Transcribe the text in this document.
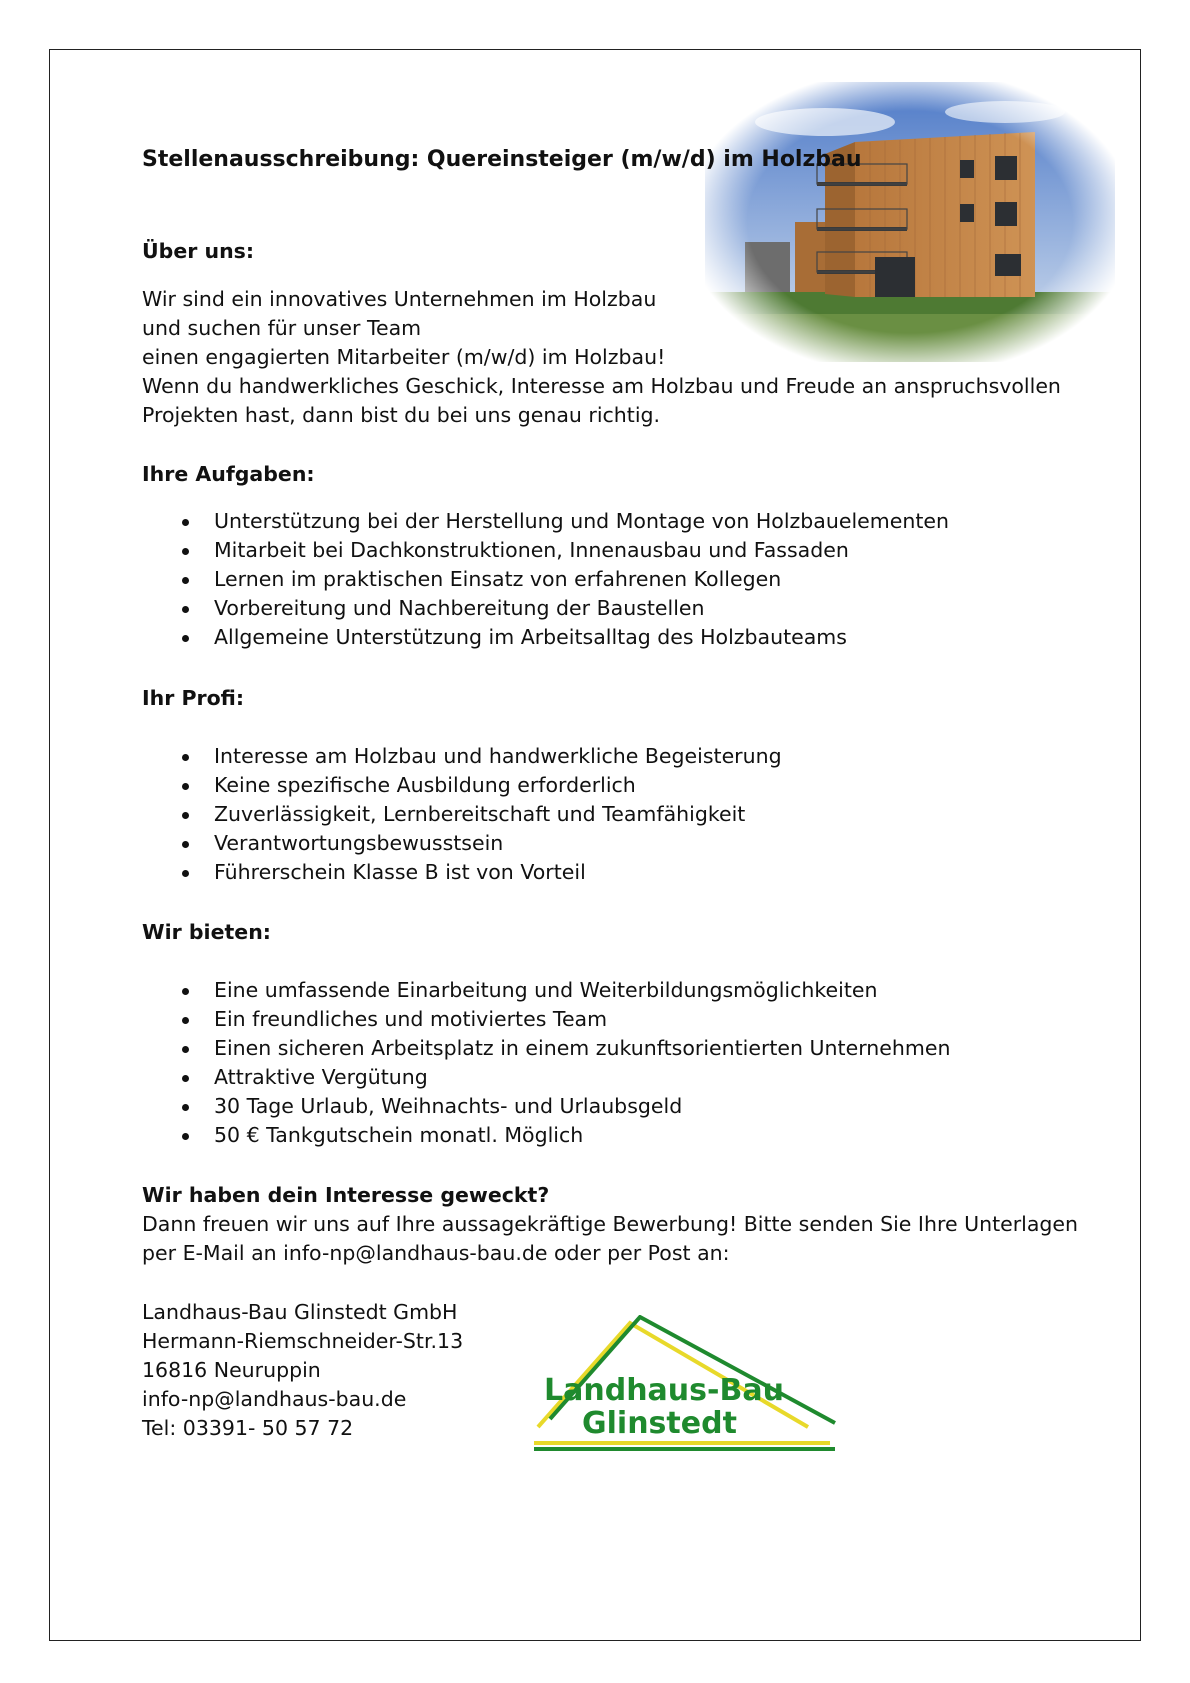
Stellenausschreibung: Quereinsteiger (m/w/d) im Holzbau
Über uns:
Wir sind ein innovatives Unternehmen im Holzbau
und suchen für unser Team
einen engagierten Mitarbeiter (m/w/d) im Holzbau!
Wenn du handwerkliches Geschick, Interesse am Holzbau und Freude an anspruchsvollen
Projekten hast, dann bist du bei uns genau richtig.
Ihre Aufgaben:
Unterstützung bei der Herstellung und Montage von Holzbauelementen
Mitarbeit bei Dachkonstruktionen, Innenausbau und Fassaden
Lernen im praktischen Einsatz von erfahrenen Kollegen
Vorbereitung und Nachbereitung der Baustellen
Allgemeine Unterstützung im Arbeitsalltag des Holzbauteams
Ihr Profi:
Interesse am Holzbau und handwerkliche Begeisterung
Keine spezifische Ausbildung erforderlich
Zuverlässigkeit, Lernbereitschaft und Teamfähigkeit
Verantwortungsbewusstsein
Führerschein Klasse B ist von Vorteil
Wir bieten:
Eine umfassende Einarbeitung und Weiterbildungsmöglichkeiten
Ein freundliches und motiviertes Team
Einen sicheren Arbeitsplatz in einem zukunftsorientierten Unternehmen
Attraktive Vergütung
30 Tage Urlaub, Weihnachts- und Urlaubsgeld
50 € Tankgutschein monatl. Möglich
Wir haben dein Interesse geweckt?
Dann freuen wir uns auf Ihre aussagekräftige Bewerbung! Bitte senden Sie Ihre Unterlagen
per E-Mail an info-np@landhaus-bau.de oder per Post an:
Landhaus-Bau Glinstedt GmbH
Hermann-Riemschneider-Str.13
16816 Neuruppin
info-np@landhaus-bau.de
Tel: 03391- 50 57 72
Landhaus-Bau
Glinstedt
